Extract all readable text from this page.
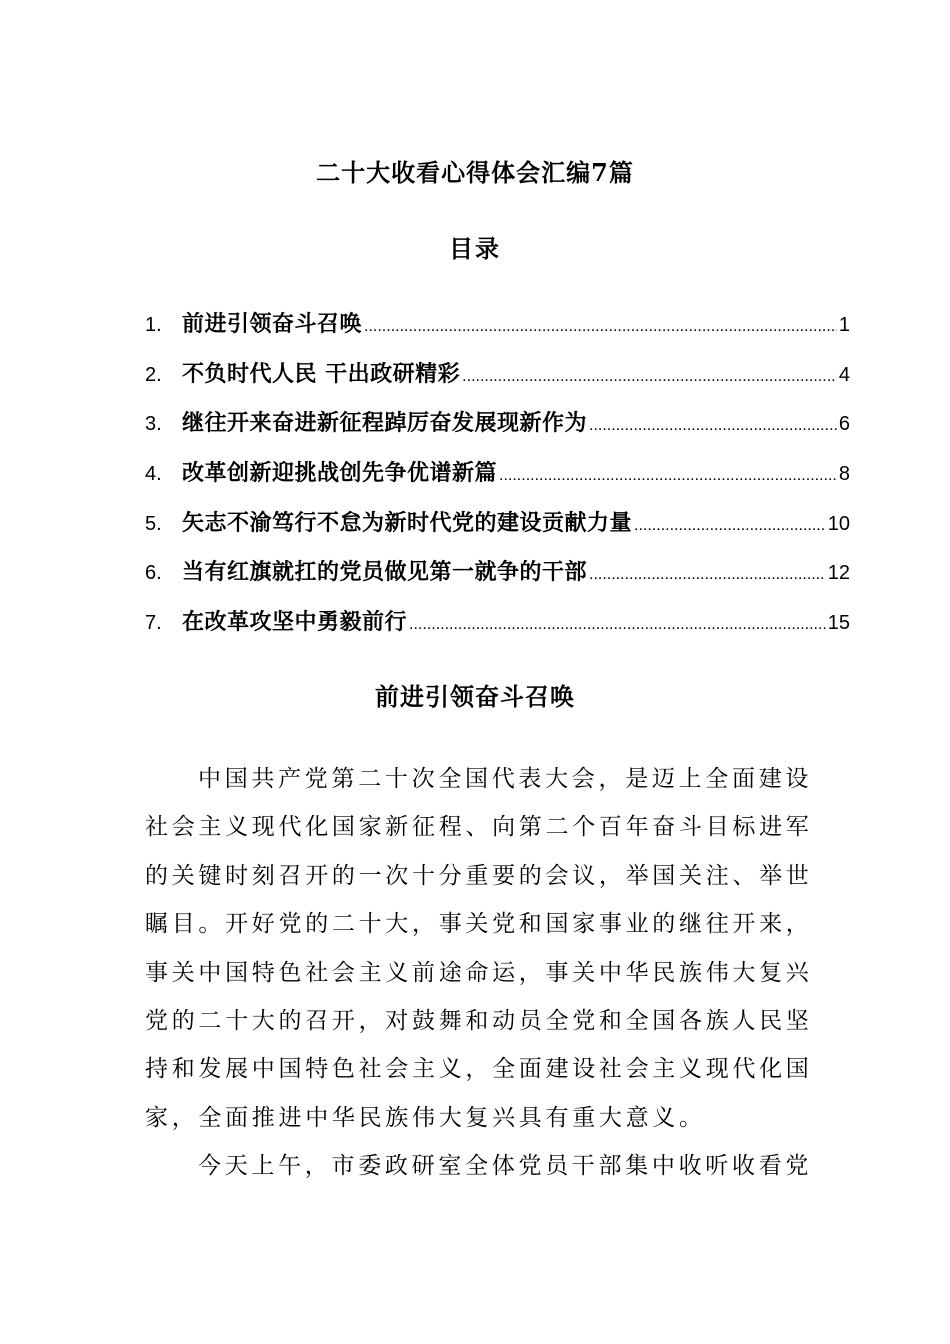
二十大收看心得体会汇编7篇
目录
1. 前进引领奋斗召唤 .....	1
2. 不负时代人民 干出政研精彩 .....	4
3. 继往开来奋进新征程踔厉奋发展现新作为 .....	6
4. 改革创新迎挑战创先争优谱新篇 .....	8
5. 矢志不渝笃行不怠为新时代党的建设贡献力量 .....	10
6. 当有红旗就扛的党员做见第一就争的干部 .....	12
7. 在改革攻坚中勇毅前行 .....	15
前进引领奋斗召唤

中国共产党第二十次全国代表大会，是迈上全面建设
社会主义现代化国家新征程、向第二个百年奋斗目标进军
的关键时刻召开的一次十分重要的会议，举国关注、举世
瞩目。开好党的二十大，事关党和国家事业的继往开来，
事关中国特色社会主义前途命运，事关中华民族伟大复兴
党的二十大的召开，对鼓舞和动员全党和全国各族人民坚
持和发展中国特色社会主义，全面建设社会主义现代化国
家，全面推进中华民族伟大复兴具有重大意义。

今天上午，市委政研室全体党员干部集中收听收看党
